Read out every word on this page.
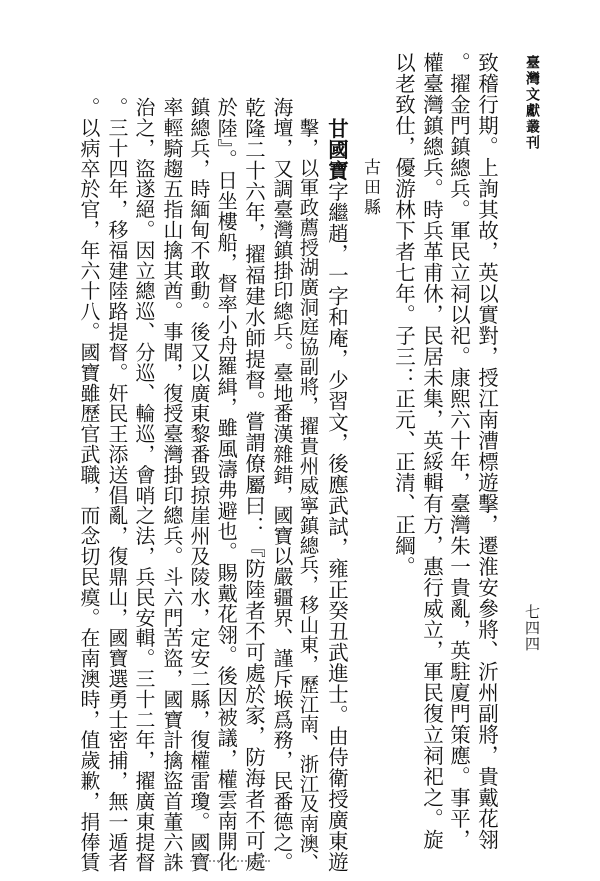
臺灣文獻叢刊
七四四
致稽行期。上詢其故，英以實對，授江南漕標遊擊，遷淮安參將、沂州副將，貴戴花翎
。擢金門鎮總兵。軍民立祠以祀。康熙六十年，臺灣朱一貴亂，英駐廈門策應。事平，
權臺灣鎮總兵。時兵革甫休，民居未集，英綏輯有方，惠行威立，軍民復立祠祀之。旋
以老致仕，優游林下者七年。子三：正元、正清、正綱。
古田縣
甘國寶字繼趙，一字和庵，少習文，後應武試，雍正癸丑武進士。由侍衛授廣東遊
擊，以軍政薦授湖廣洞庭協副將，擢貴州威寧鎮總兵，移山東，歷江南、浙江及南澳、
海壇，又調臺灣鎮掛印總兵。臺地番漢雜錯，國寶以嚴疆界、謹斥堠爲務，民番德之。
乾隆二十六年，擢福建水師提督。嘗謂僚屬曰：『防陸者不可處於家，防海者不可處
於陸』。日坐樓船，督率小舟羅緝，雖風濤弗避也。賜戴花翎。後因被議，權雲南開化
鎮總兵，時緬甸不敢動。後又以廣東黎番毀掠崖州及陵水，定安二縣，復權雷瓊。國寶
率輕騎趨五指山擒其酋。事聞，復授臺灣掛印總兵。斗六門苦盜，國寶計擒盜首董六誅
治之，盜遂絕。因立總巡、分巡、輪巡，會哨之法，兵民安輯。三十二年，擢廣東提督
。三十四年，移福建陸路提督。奸民王添送倡亂，復鼎山，國寶選勇士密捕，無一遁者
。以病卒於官，年六十八。國寶雖歷官武職，而念切民瘼。在南澳時，值歲歉，捐俸賃
